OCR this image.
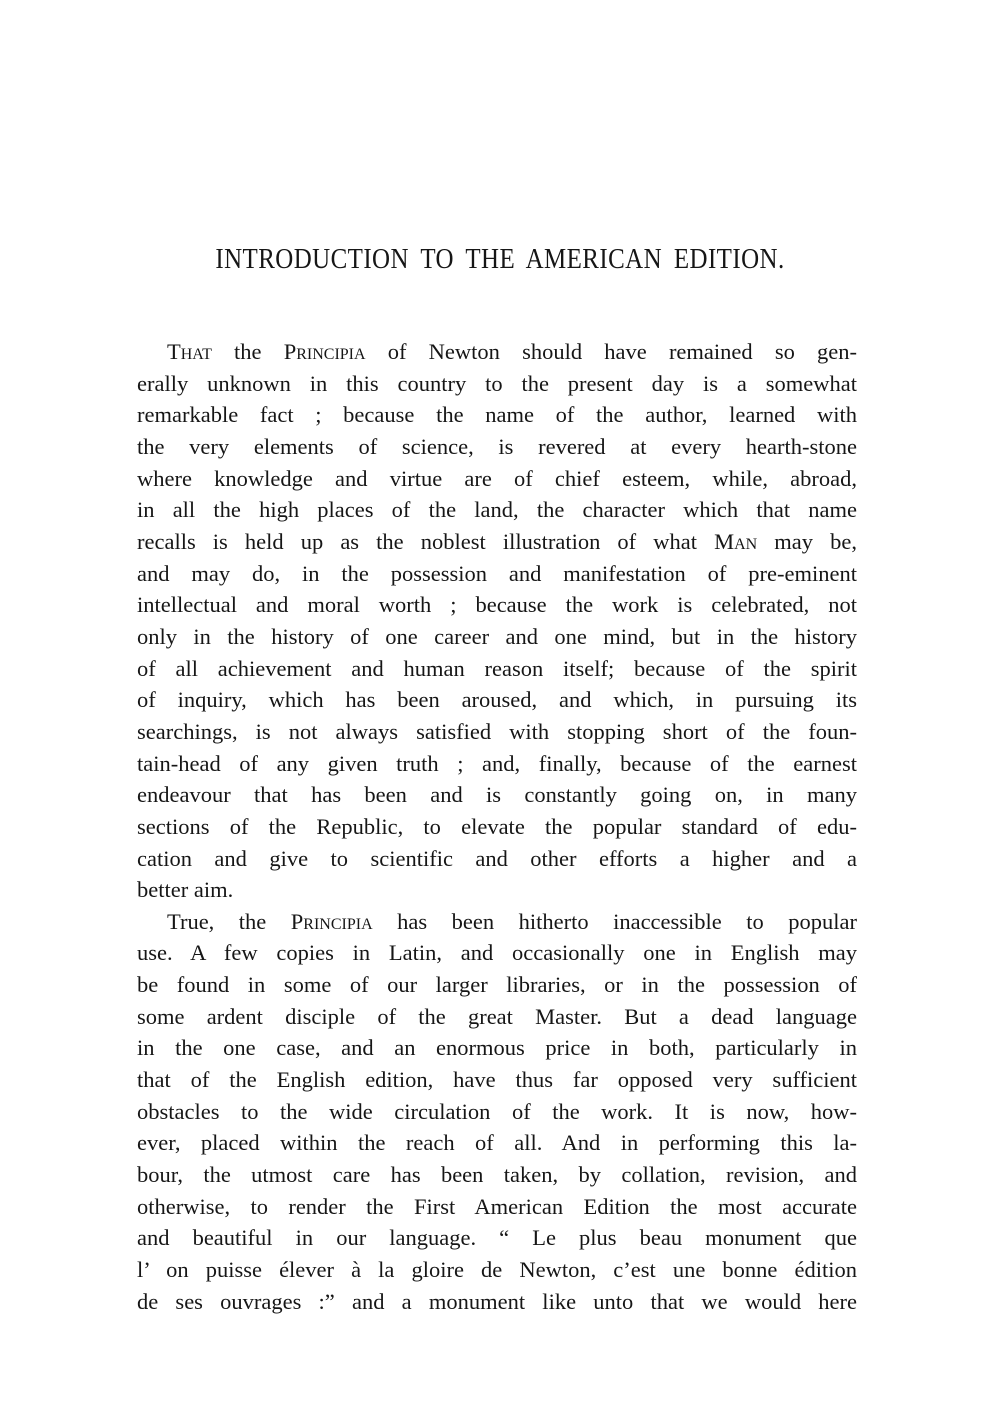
INTRODUCTION TO THE AMERICAN EDITION.
That the Principia of Newton should have remained so gen-
erally unknown in this country to the present day is a somewhat
remarkable fact ; because the name of the author, learned with
the very elements of science, is revered at every hearth-stone
where knowledge and virtue are of chief esteem, while, abroad,
in all the high places of the land, the character which that name
recalls is held up as the noblest illustration of what Man may be,
and may do, in the possession and manifestation of pre-eminent
intellectual and moral worth ; because the work is celebrated, not
only in the history of one career and one mind, but in the history
of all achievement and human reason itself; because of the spirit
of inquiry, which has been aroused, and which, in pursuing its
searchings, is not always satisfied with stopping short of the foun-
tain-head of any given truth ; and, finally, because of the earnest
endeavour that has been and is constantly going on, in many
sections of the Republic, to elevate the popular standard of edu-
cation and give to scientific and other efforts a higher and a
better aim.
True, the Principia has been hitherto inaccessible to popular
use. A few copies in Latin, and occasionally one in English may
be found in some of our larger libraries, or in the possession of
some ardent disciple of the great Master. But a dead language
in the one case, and an enormous price in both, particularly in
that of the English edition, have thus far opposed very sufficient
obstacles to the wide circulation of the work. It is now, how-
ever, placed within the reach of all. And in performing this la-
bour, the utmost care has been taken, by collation, revision, and
otherwise, to render the First American Edition the most accurate
and beautiful in our language. “ Le plus beau monument que
l’ on puisse élever à la gloire de Newton, c’est une bonne édition
de ses ouvrages :” and a monument like unto that we would here
